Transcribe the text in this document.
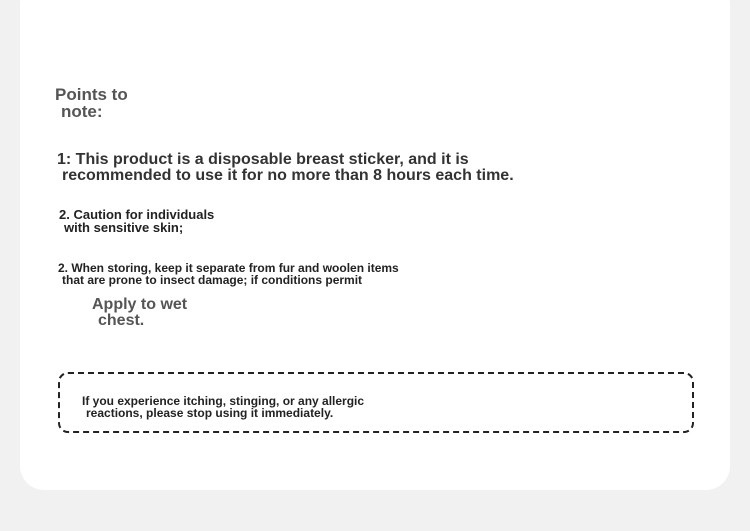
Points to
note:
1: This product is a disposable breast sticker, and it is
recommended to use it for no more than 8 hours each time.
2. Caution for individuals
with sensitive skin;
2. When storing, keep it separate from fur and woolen items
that are prone to insect damage; if conditions permit
Apply to wet
chest.
If you experience itching, stinging, or any allergic
reactions, please stop using it immediately.
